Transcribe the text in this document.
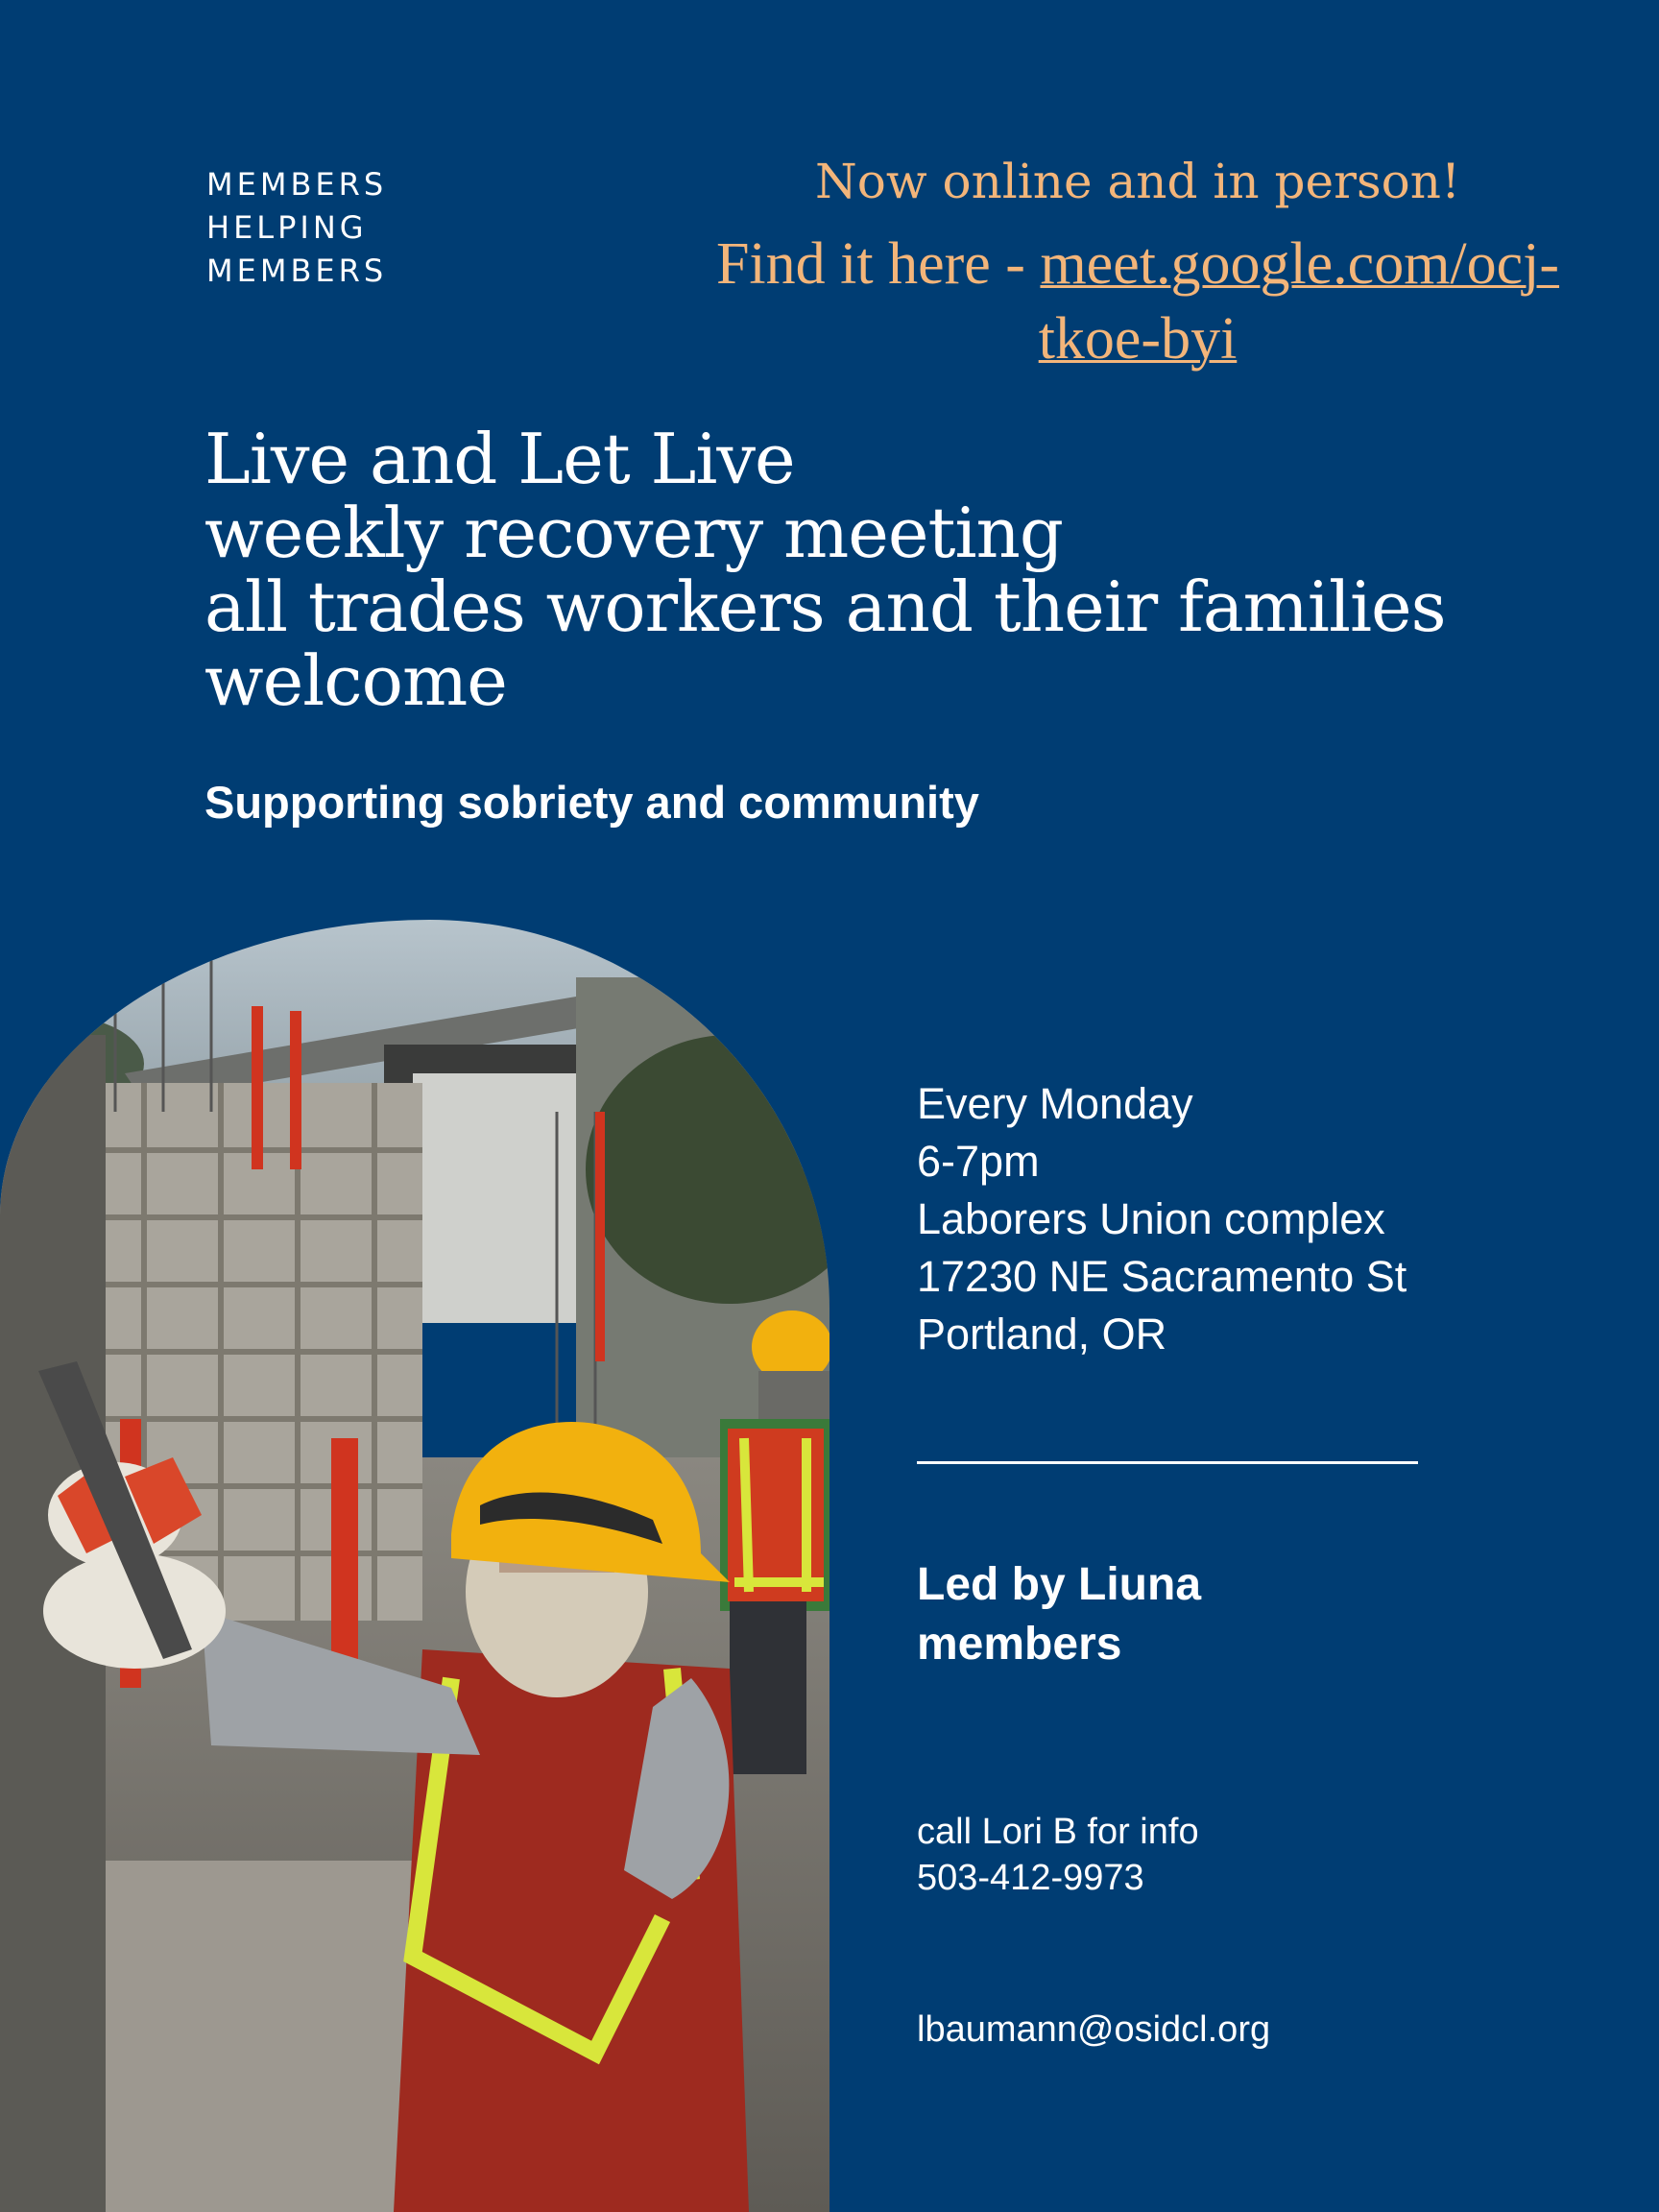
MEMBERS
HELPING
MEMBERS
Now online and in person!
Find it here - meet.google.com/ocj-tkoe-byi
Live and Let Live
weekly recovery meeting
all trades workers and their families
welcome
Supporting sobriety and community
Every Monday
6-7pm
Laborers Union complex
17230 NE Sacramento St
Portland, OR
Led by Liuna
members
call Lori B for info
503-412-9973
lbaumann@osidcl.org
